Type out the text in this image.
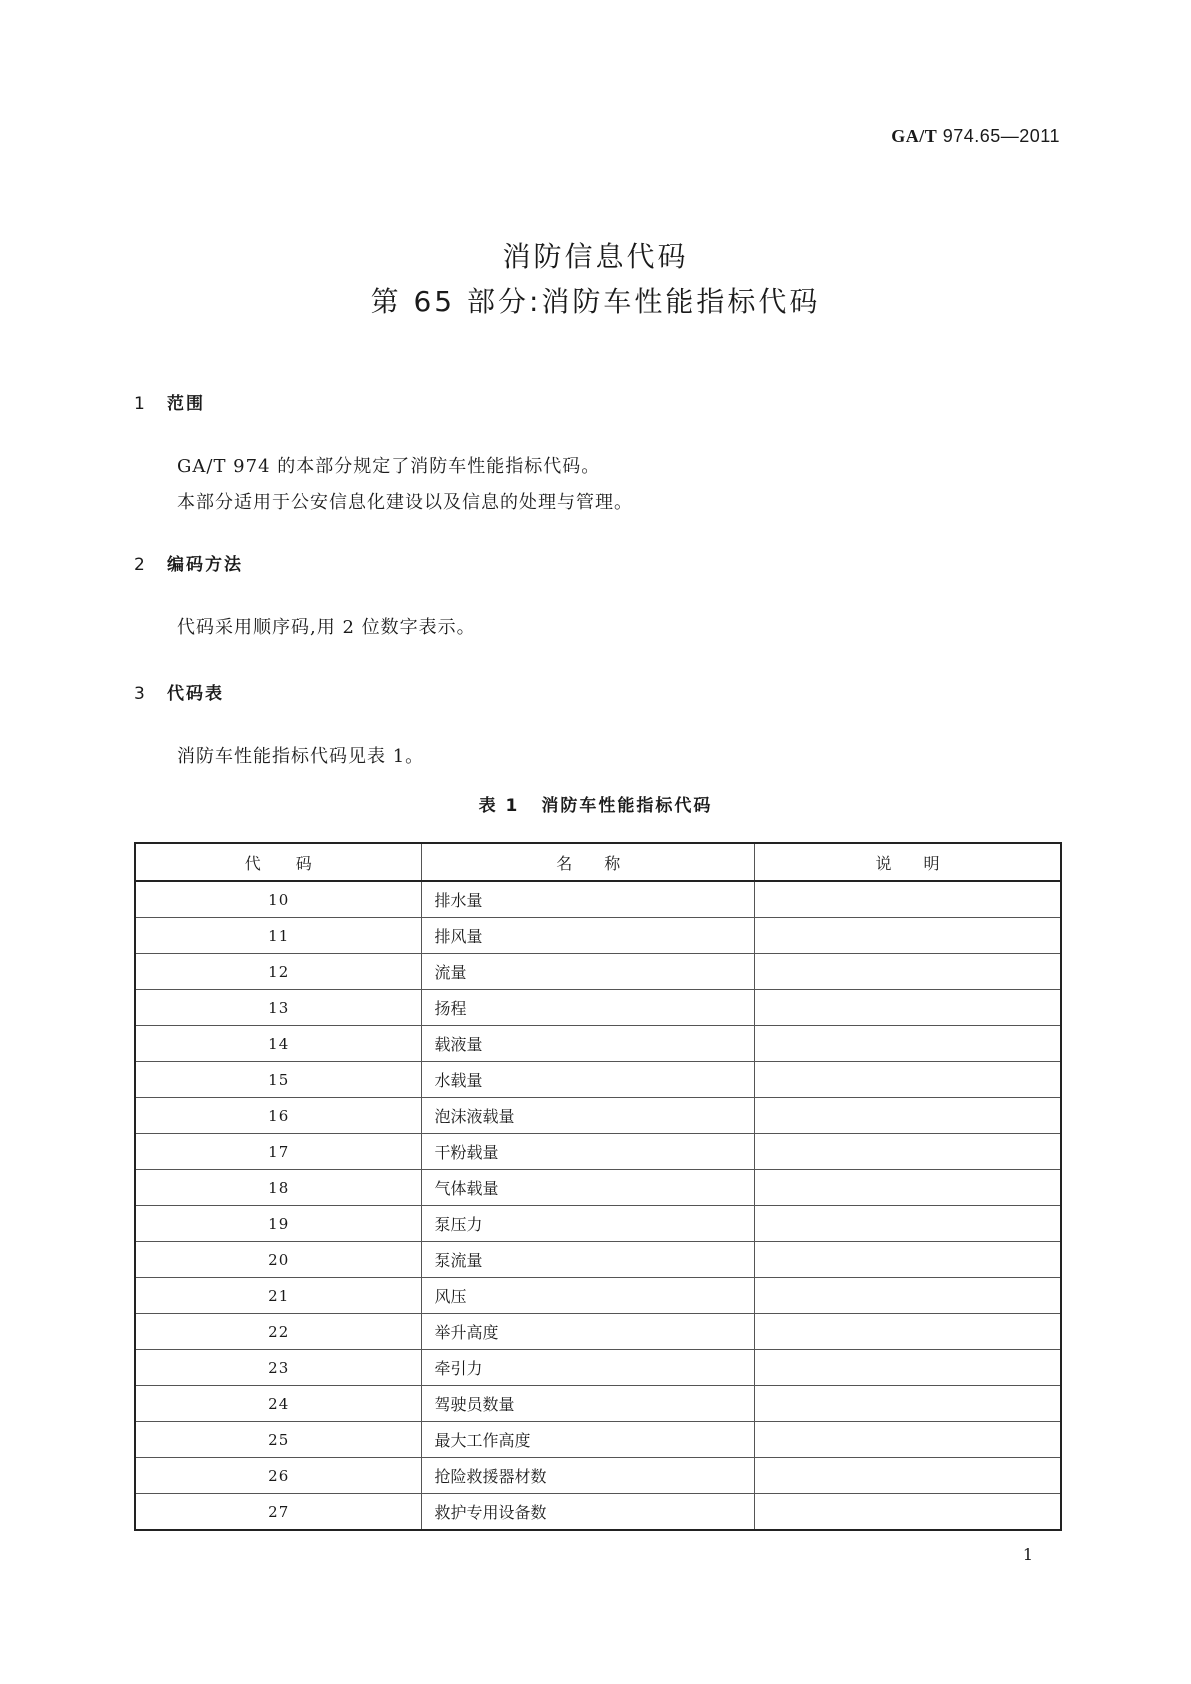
GA/T 974.65—2011
消防信息代码
第 65 部分:消防车性能指标代码
1 范围
GA/T 974 的本部分规定了消防车性能指标代码。
本部分适用于公安信息化建设以及信息的处理与管理。
2 编码方法
代码采用顺序码,用 2 位数字表示。
3 代码表
消防车性能指标代码见表 1。
表 1 消防车性能指标代码
代　　码	名　　称	说　　明
10	排水量	
11	排风量	
12	流量	
13	扬程	
14	载液量	
15	水载量	
16	泡沫液载量	
17	干粉载量	
18	气体载量	
19	泵压力	
20	泵流量	
21	风压	
22	举升高度	
23	牵引力	
24	驾驶员数量	
25	最大工作高度	
26	抢险救援器材数	
27	救护专用设备数	
1
